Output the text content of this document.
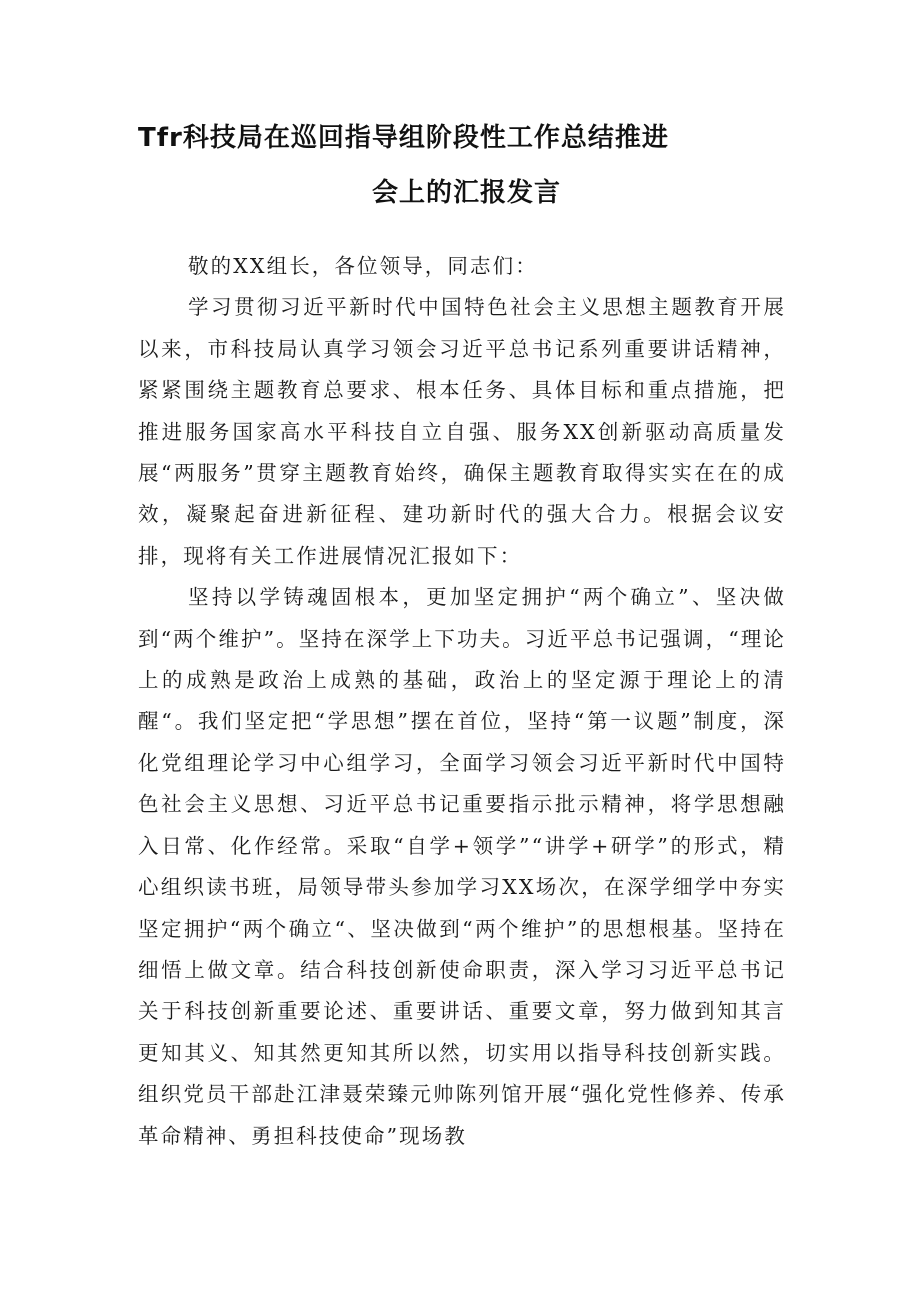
Tfr科技局在巡回指导组阶段性工作总结推进
会上的汇报发言

敬的XX组长，各位领导，同志们：

学习贯彻习近平新时代中国特色社会主义思想主题教育开展以来，市科技局认真学习领会习近平总书记系列重要讲话精神，紧紧围绕主题教育总要求、根本任务、具体目标和重点措施，把推进服务国家高水平科技自立自强、服务XX创新驱动高质量发展“两服务”贯穿主题教育始终，确保主题教育取得实实在在的成效，凝聚起奋进新征程、建功新时代的强大合力。根据会议安排，现将有关工作进展情况汇报如下：

坚持以学铸魂固根本，更加坚定拥护“两个确立”、坚决做到“两个维护”。坚持在深学上下功夫。习近平总书记强调，“理论上的成熟是政治上成熟的基础，政治上的坚定源于理论上的清醒“。我们坚定把“学思想”摆在首位，坚持“第一议题”制度，深化党组理论学习中心组学习，全面学习领会习近平新时代中国特色社会主义思想、习近平总书记重要指示批示精神，将学思想融入日常、化作经常。采取“自学+领学”“讲学+研学”的形式，精心组织读书班，局领导带头参加学习XX场次，在深学细学中夯实坚定拥护“两个确立“、坚决做到“两个维护”的思想根基。坚持在细悟上做文章。结合科技创新使命职责，深入学习习近平总书记关于科技创新重要论述、重要讲话、重要文章，努力做到知其言更知其义、知其然更知其所以然，切实用以指导科技创新实践。组织党员干部赴江津聂荣臻元帅陈列馆开展“强化党性修养、传承革命精神、勇担科技使命”现场教
